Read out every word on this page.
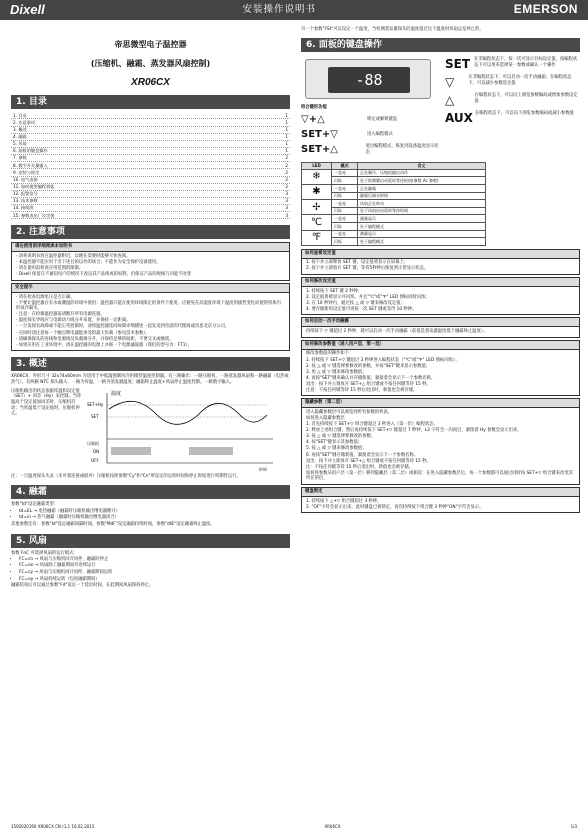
Dixell	安装操作说明书	EMERSON
帝思微型电子温控器
(压缩机、融霜、蒸发器风扇控制)
XR06CX
1. 目录
1. 目录	1
2. 注意事项	1
3. 概述	1
4. 融霜	1
5. 风扇	1
6. 面板的键盘操作	1
7. 参数	2
8. 数字开关量输入	2
9. 安装与固定	2
10. 电气连接	2
11. 如何使用编程钥匙	2
12. 报警信号	3
13. 技术参数	3
14. 接线图	3
15. 参数表出厂设定值	3
2. 注意事项
请在使用前详细阅读本说明书

· 请将说明书放在温控器附近，以便在需要时能够尽快查阅。

· 本温控器不能应用于非下述目的以外的场合；不能作为安全保护设备使用。

· 请在使用前检查应用范围的限制。

· Dixell 保留在不通知用户的情况下改良其产品组成的权利，但保证产品的规格与功能不改变

安全提示

· 请在检查电源电压是否正确。

· 不要让温控器在有水或潮湿的环境中使用；温控器只能在使用环境限定的条件下使用，应避免在高湿度环境下温度的剧烈变化而使得机体内形成冷凝水。

· 注意：在检修温控器前请断开所有电源连接。

· 温度探头导线应与电源动力线分开布置，并保持一定距离。

· 一旦发现有故障或不能正常控制时，请将温控器连同故障详细描述一起发送到帝思的代理商或帝思北京分公司。

· 应同时请注意每一个触点继电器能承受的最大负载（参见技术参数）。

· 请确保探头的连线和电源线及负载端分开，并保持足够的间距，不要交叉或缠绕。

· 如果应用在工业环境中，请在温控器的电源上并联一个电源滤波器（我们的型号为：FT1）。

3. 概述

XR06CX，外形尺寸 32x74x60mm 为适用于中低温强制风冷的微型温度控制器。有三路输出：一路压缩机、一路蒸发器风扇和一路融霜（电热或热气）。有两路 NTC 探头输入：一路为库温，一路为蒸发器温度；融霜终止温度+风扇停止温度控制。一路数字输入。

压缩机输出的状态依据库温和设定值（SET）+ 回差（Hy）来控制。当库温高于设定值加回差时，压缩机启动；当库温低于设定值时，压缩机停止。

温度
SET+Hy
SET
时间
压缩机
ON
OFF

注：一旦温度探头失灵（未可靠连接或损坏）压缩机按照参数"Cy"和"Cn"所设定的运转时间和停止时间进行周期性运行。

4. 融霜

参数"td"设定融霜类型：

• td=EL → 电热融霜（融霜时压缩机输出继电器断开）
• td=in → 热气融霜（融霜时压缩机输出继电器闭合）

其他参数还有：参数"Id"设定融霜间隔时间，参数"MdF"设定融霜持续时间，参数"dtE"设定融霜终止温度。

5. 风扇

参数 FnC 可选择风扇的运行模式：

• FC=cn → 风扇与压缩机同开同停，融霜时停止
• FC=on → 风扇除了融霜期间外连续运行
• FC=cy → 风扇与压缩机同开同停，融霜期间运转
• FC=oy → 风扇持续运转（包括融霜期间）

融霜结束后可以通过参数"Fd"设定一个延迟时间，在此期间风扇保持停止。

另一个参数"FSt"可以设定一个温度，当检测蒸发器探头的温度超过这个温度时风扇总是停止的。

6. 面板的键盘操作
-88
组合键的功能
▽+△	锁定或解锁键盘
SET+▽	进入编程模式
SET+△	退出编程模式，恢复到设备温度显示状态
SET 在非编程状态下，按一次可显示目标设定值，按编程状态下可以用来选择某一参数或确认一个操作
▽	在非编程状态下，可以启动一次手动融霜；在编程状态下，可以减少参数设定值
△	在编程状态下，可以向上浏览参数编码或增加参数设定值
AUX 在编程状态下，可以向下浏览参数编码或减小参数值
LED	模式	含义
❄	一直亮	正在制冷，压缩机输出动作
	闪烁	处于防频繁启动延时等待时间(参数 Ac 参数)
✱	一直亮	正在融霜
	闪烁	融霜后滴水时间
✢	一直亮	风扇正在转动
	闪烁	处于风扇启动延时等待时间
℃	一直亮	测量显示
	闪烁	处于编程模式
℉	一直亮	测量显示
	闪烁	处于编程模式
如何查看设定值

1. 按下并立即释放 SET 键，设定值将显示在屏幕上；

2. 按下并立即放开 SET 键，等待5秒钟后恢复到正常显示状态。

如何修改设定值

1. 持续按下 SET 键 2 秒钟；

2. 设定值将被显示并闪烁，并且"℃"或"℉" LED 图标同时闪烁；

3. 在 10 秒钟内，通过按 △ 或 ▽ 键来修改设定值；

4. 要存储新的设定值可再按一次 SET 键或等待 10 秒钟。

如何启动一次手动融霜

持续按下 ▽ 键超过 2 秒钟，就可以启动一次手动融霜（前提是蒸发器温度低于融霜终止温度）。

如何修改参数值（进入用户层，第一层）

修改参数值的操作如下：

1. 持续按下 SET+▽ 键超过 3 秒钟进入编程状态（"℃"或"℉" LED 图标闪烁）；

2. 按 △ 或 ▽ 键选择要修改的参数，并按"SET"键来显示参数值；

3. 用 △ 或 ▽ 键来修改参数值；

4. 再按"SET"键来确认并存储新值，紧接着会显示下一个参数名称。

退出：按下并立刻放开 SET+△ 组合键或不按任何键等待 15 秒。

注意：不按任何键等待 15 秒后退出时，新值也会被存储。

隐藏参数（第二层）

进入隐藏参数层可以浏览到所有参数的列表。

如何进入隐藏参数层

1. 首先持续按下 SET+▽ 组合键超过 3 秒进入（第一层）编程状态；

2. 释放上述组合键，然后再持续按下 SET+▽ 键超过 7 秒钟，L2 字符会一闪而过，紧接着 Hy 参数会显示出来。

3. 按 △ 或 ▽ 键选择要修改的参数；

4. 按"SET"键显示其参数值；

5. 按 △ 或 ▽ 键来修改参数值；

6. 再按"SET"键存储新值，紧接着会显示下一个参数名称。

退出：按下并立即放开 SET+△ 组合键或不按任何键等待 15 秒。

注：不按任何键等待 15 秒后退出时，新值也会被存储。

如何将参数从用户层（第一层）移到隐藏层（第二层）或相反：在进入隐藏参数层后，每一个参数都可以通过同时按 SET+▽ 组合键来改变其所在的层。

键盘锁定

1. 持续按下 △+▽ 组合键超过 3 秒钟。

2. "OF"字符会显示出来，此时键盘已被锁定，再次持续按下组合键 3 秒钟"ON"字符会显示。

1592020160 XR06CX CN r1.1 16.02.2015	XR06CX	1/3
